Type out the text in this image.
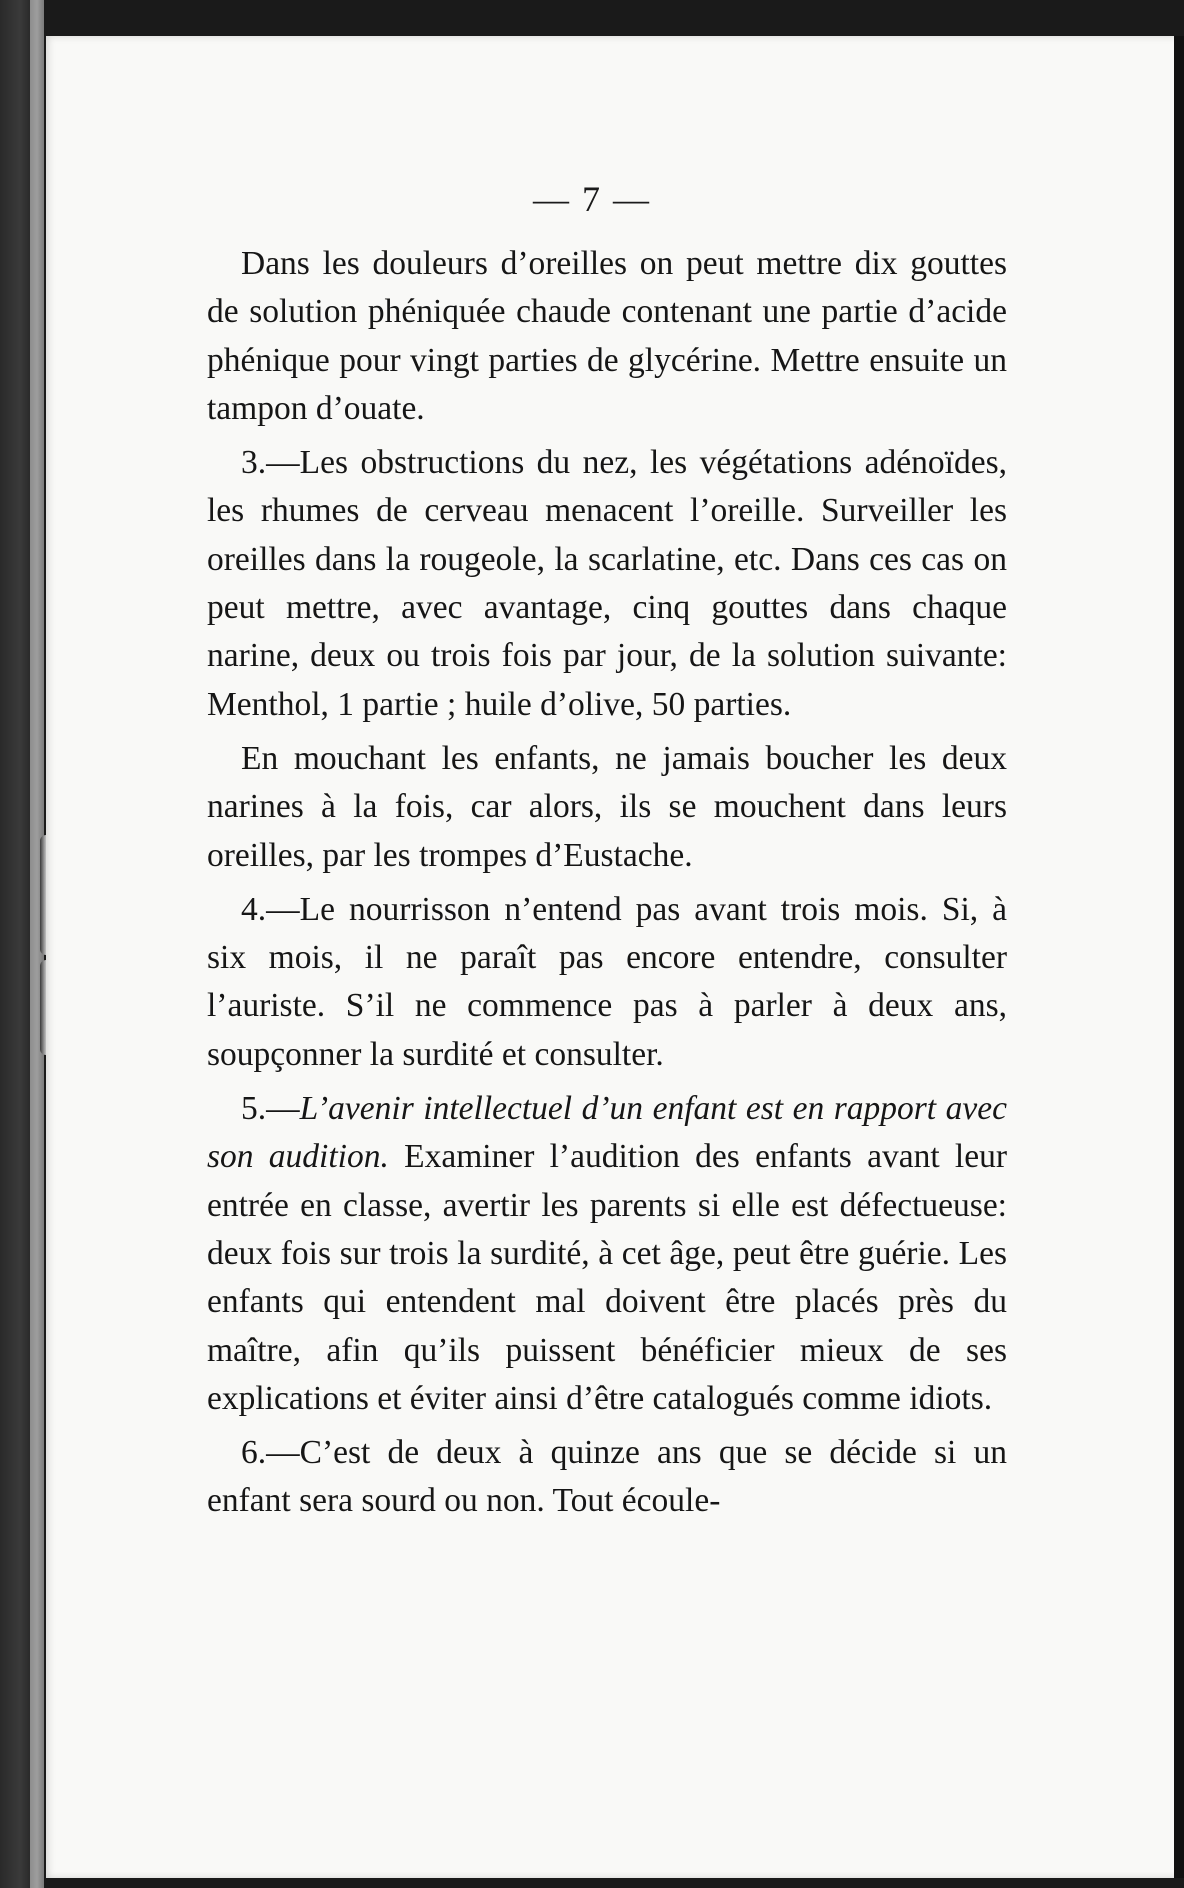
— 7 —

Dans les douleurs d’oreilles on peut mettre dix gouttes de solution phéniquée chaude contenant une partie d’acide phénique pour vingt parties de glycérine. Mettre ensuite un tampon d’ouate.

3.—Les obstructions du nez, les végétations adénoïdes, les rhumes de cerveau menacent l’oreille. Surveiller les oreilles dans la rougeole, la scarlatine, etc. Dans ces cas on peut mettre, avec avantage, cinq gouttes dans chaque narine, deux ou trois fois par jour, de la solution suivante: Menthol, 1 partie ; huile d’olive, 50 parties.

En mouchant les enfants, ne jamais boucher les deux narines à la fois, car alors, ils se mouchent dans leurs oreilles, par les trompes d’Eustache.

4.—Le nourrisson n’entend pas avant trois mois. Si, à six mois, il ne paraît pas encore entendre, consulter l’auriste. S’il ne commence pas à parler à deux ans, soupçonner la surdité et consulter.

5.—L’avenir intellectuel d’un enfant est en rapport avec son audition. Examiner l’audition des enfants avant leur entrée en classe, avertir les parents si elle est défectueuse: deux fois sur trois la surdité, à cet âge, peut être guérie. Les enfants qui entendent mal doivent être placés près du maître, afin qu’ils puissent bénéficier mieux de ses explications et éviter ainsi d’être catalogués comme idiots.

6.—C’est de deux à quinze ans que se décide si un enfant sera sourd ou non. Tout écoule-
